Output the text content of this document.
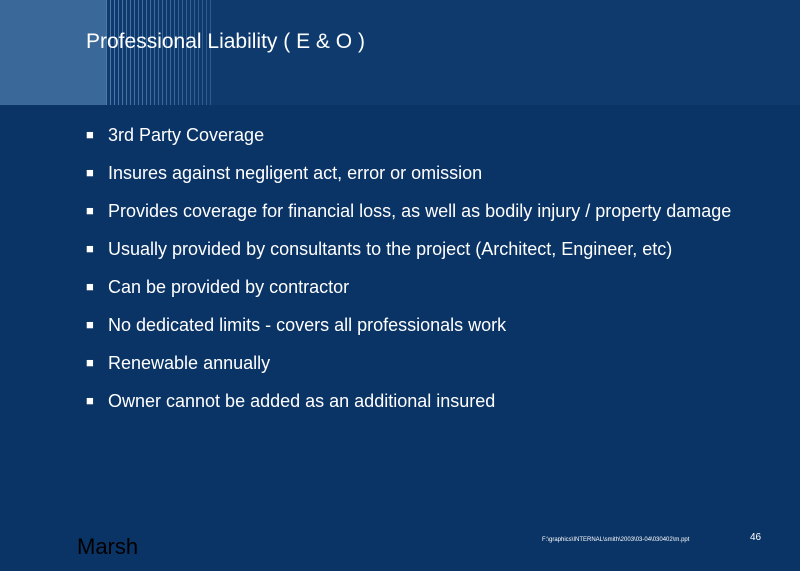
Professional Liability ( E & O )
■ 3rd Party Coverage
■ Insures against negligent act, error or omission
■ Provides coverage for financial loss, as well as bodily injury / property damage
■ Usually provided by consultants to the project (Architect, Engineer, etc)
■ Can be provided by contractor
■ No dedicated limits - covers all professionals work
■ Renewable annually
■ Owner cannot be added as an additional insured
Marsh	F:\graphics\INTERNAL\smith\2003\03-04\030402\m.ppt	46
